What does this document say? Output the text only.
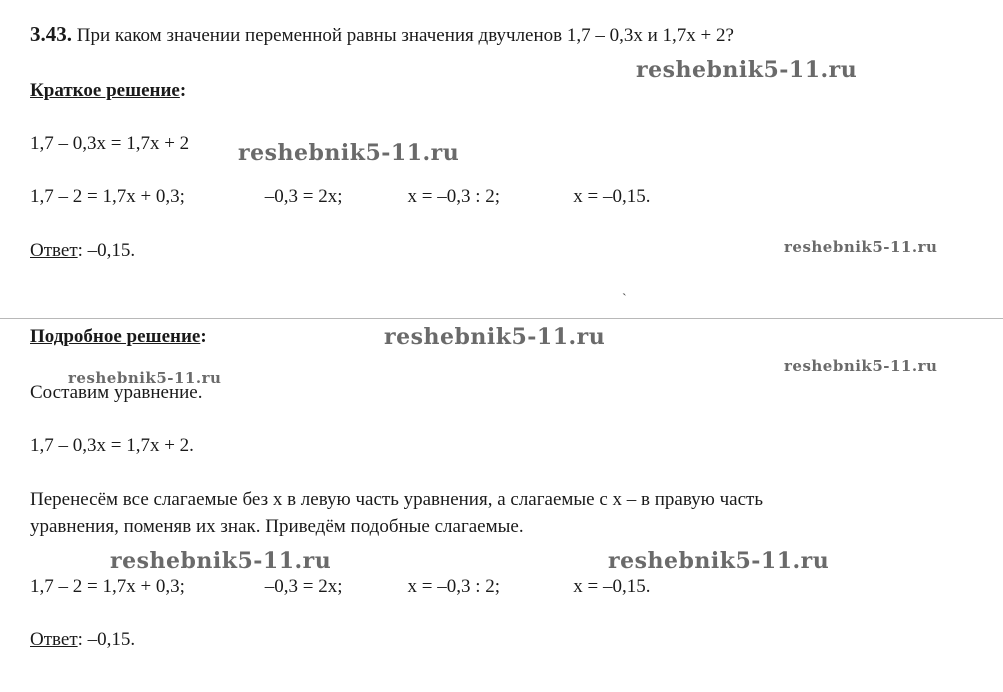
3.43. При каком значении переменной равны значения двучленов 1,7 – 0,3x и 1,7x + 2?
Краткое решение:
1,7 – 0,3x = 1,7x + 2
1,7 – 2 = 1,7x + 0,3;	–0,3 = 2x;	x = –0,3 : 2;	x = –0,15.
Ответ: –0,15.
`
Подробное решение:
Составим уравнение.
1,7 – 0,3x = 1,7x + 2.
Перенесём все слагаемые без x в левую часть уравнения, а слагаемые с x – в правую часть
уравнения, поменяв их знак. Приведём подобные слагаемые.
1,7 – 2 = 1,7x + 0,3;	–0,3 = 2x;	x = –0,3 : 2;	x = –0,15.
Ответ: –0,15.
reshebnik5-11.ru
reshebnik5-11.ru
reshebnik5-11.ru
reshebnik5-11.ru
reshebnik5-11.ru
reshebnik5-11.ru
reshebnik5-11.ru	reshebnik5-11.ru
